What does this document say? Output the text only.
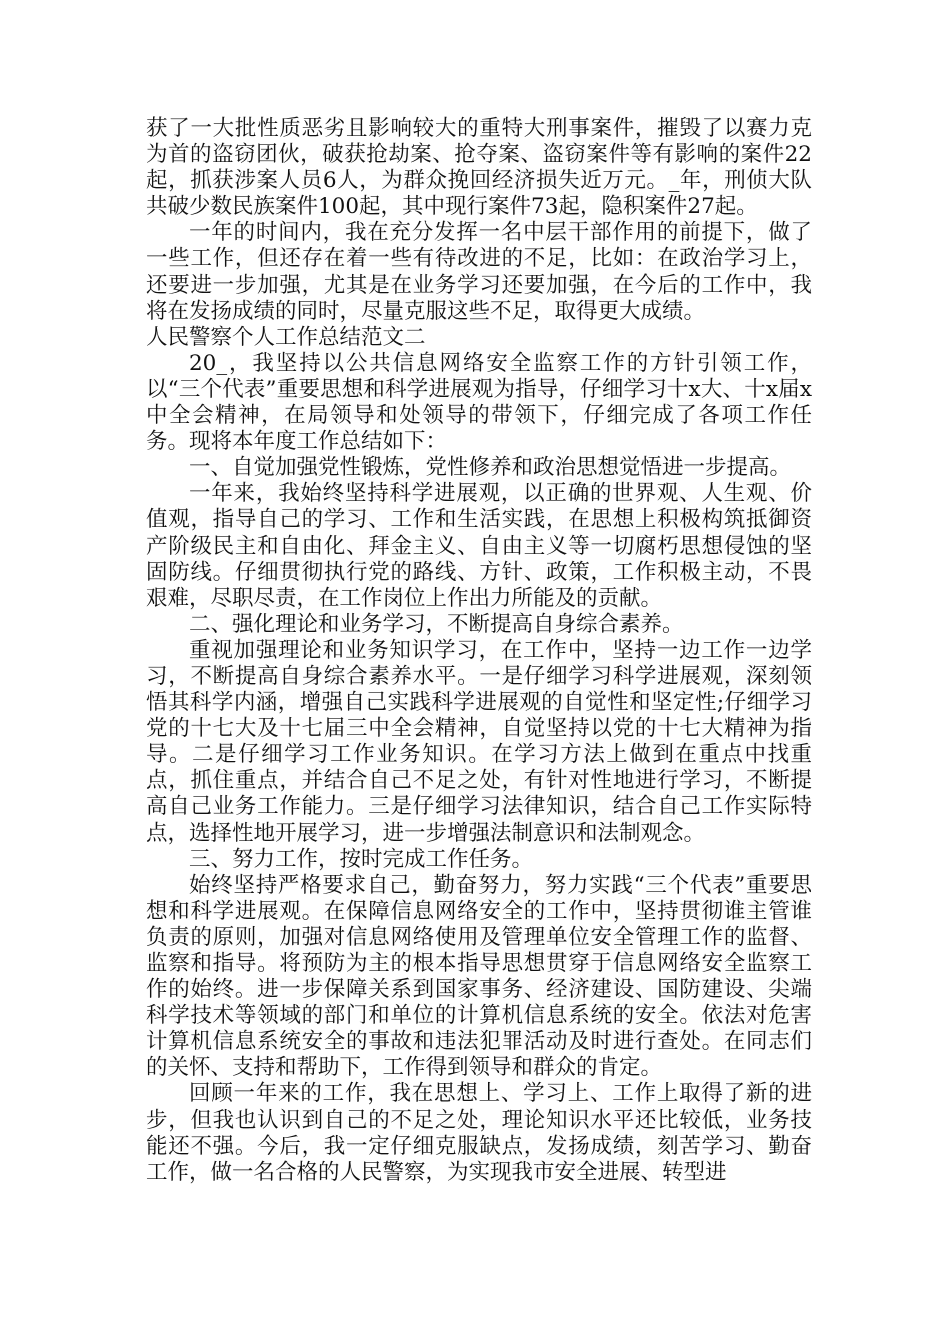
获了一大批性质恶劣且影响较大的重特大刑事案件，摧毁了以赛力克为首的盗窃团伙，破获抢劫案、抢夺案、盗窃案件等有影响的案件22起，抓获涉案人员6人，为群众挽回经济损失近万元。_年，刑侦大队共破少数民族案件100起，其中现行案件73起，隐积案件27起。

一年的时间内，我在充分发挥一名中层干部作用的前提下，做了一些工作，但还存在着一些有待改进的不足，比如：在政治学习上，还要进一步加强，尤其是在业务学习还要加强，在今后的工作中，我将在发扬成绩的同时，尽量克服这些不足，取得更大成绩。

人民警察个人工作总结范文二

20_，我坚持以公共信息网络安全监察工作的方针引领工作，以“三个代表”重要思想和科学进展观为指导，仔细学习十x大、十x届x中全会精神，在局领导和处领导的带领下，仔细完成了各项工作任务。现将本年度工作总结如下：

一、自觉加强党性锻炼，党性修养和政治思想觉悟进一步提高。

一年来，我始终坚持科学进展观，以正确的世界观、人生观、价值观，指导自己的学习、工作和生活实践，在思想上积极构筑抵御资产阶级民主和自由化、拜金主义、自由主义等一切腐朽思想侵蚀的坚固防线。仔细贯彻执行党的路线、方针、政策，工作积极主动，不畏艰难，尽职尽责，在工作岗位上作出力所能及的贡献。

二、强化理论和业务学习，不断提高自身综合素养。

重视加强理论和业务知识学习，在工作中，坚持一边工作一边学习，不断提高自身综合素养水平。一是仔细学习科学进展观，深刻领悟其科学内涵，增强自己实践科学进展观的自觉性和坚定性;仔细学习党的十七大及十七届三中全会精神，自觉坚持以党的十七大精神为指导。二是仔细学习工作业务知识。在学习方法上做到在重点中找重点，抓住重点，并结合自己不足之处，有针对性地进行学习，不断提高自己业务工作能力。三是仔细学习法律知识，结合自己工作实际特点，选择性地开展学习，进一步增强法制意识和法制观念。

三、努力工作，按时完成工作任务。

始终坚持严格要求自己，勤奋努力，努力实践“三个代表”重要思想和科学进展观。在保障信息网络安全的工作中，坚持贯彻谁主管谁负责的原则，加强对信息网络使用及管理单位安全管理工作的监督、监察和指导。将预防为主的根本指导思想贯穿于信息网络安全监察工作的始终。进一步保障关系到国家事务、经济建设、国防建设、尖端科学技术等领域的部门和单位的计算机信息系统的安全。依法对危害计算机信息系统安全的事故和违法犯罪活动及时进行查处。在同志们的关怀、支持和帮助下，工作得到领导和群众的肯定。

回顾一年来的工作，我在思想上、学习上、工作上取得了新的进步，但我也认识到自己的不足之处，理论知识水平还比较低，业务技能还不强。今后，我一定仔细克服缺点，发扬成绩，刻苦学习、勤奋工作，做一名合格的人民警察，为实现我市安全进展、转型进
